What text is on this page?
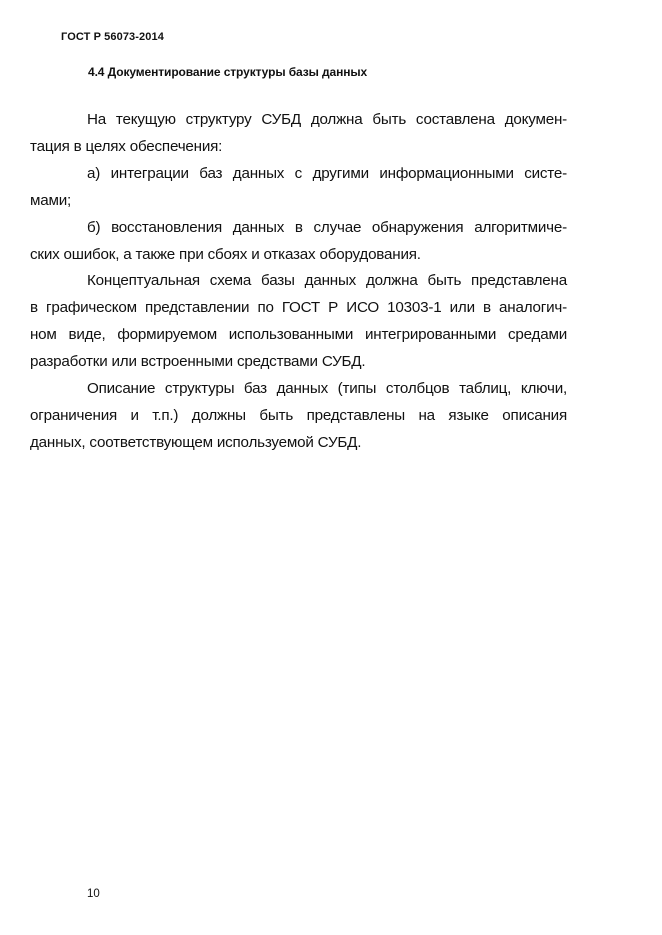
ГОСТ Р 56073-2014
4.4 Документирование структуры базы данных
На текущую структуру СУБД должна быть составлена докумен-
тация в целях обеспечения:
а) интеграции баз данных с другими информационными систе-
мами;
б) восстановления данных в случае обнаружения алгоритмиче-
ских ошибок, а также при сбоях и отказах оборудования.
Концептуальная схема базы данных должна быть представлена
в графическом представлении по ГОСТ Р ИСО 10303-1 или в аналогич-
ном виде, формируемом использованными интегрированными средами
разработки или встроенными средствами СУБД.
Описание структуры баз данных (типы столбцов таблиц, ключи,
ограничения и т.п.) должны быть представлены на языке описания
данных, соответствующем используемой СУБД.
10
